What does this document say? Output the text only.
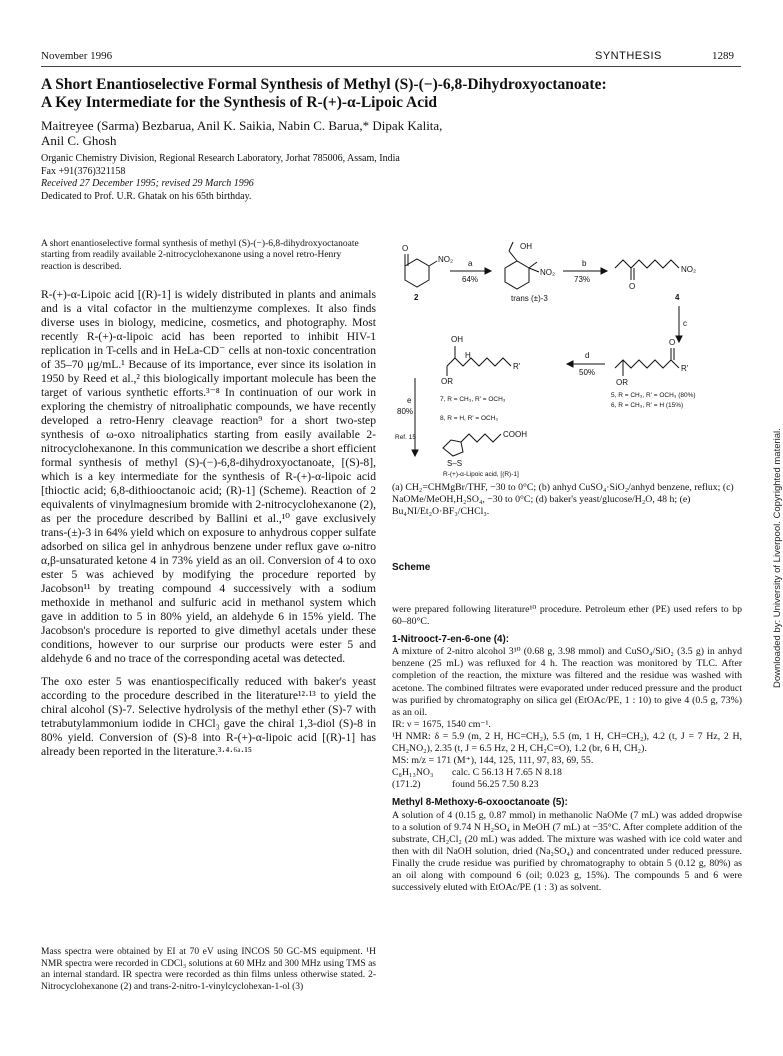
November 1996	SYNTHESIS	1289
A Short Enantioselective Formal Synthesis of Methyl (S)-(−)-6,8-Dihydroxyoctanoate:
A Key Intermediate for the Synthesis of R-(+)-α-Lipoic Acid
Maitreyee (Sarma) Bezbarua, Anil K. Saikia, Nabin C. Barua,* Dipak Kalita,
Anil C. Ghosh
Organic Chemistry Division, Regional Research Laboratory, Jorhat 785006, Assam, India
Fax +91(376)321158
Received 27 December 1995; revised 29 March 1996
Dedicated to Prof. U.R. Ghatak on his 65th birthday.
A short enantioselective formal synthesis of methyl (S)-(−)-6,8-dihydroxyoctanoate starting from readily available 2-nitrocyclohexanone using a novel retro-Henry reaction is described.

R-(+)-α-Lipoic acid [(R)-1] is widely distributed in plants and animals and is a vital cofactor in the multienzyme complexes. It also finds diverse uses in biology, medicine, cosmetics, and photography. Most recently R-(+)-α-lipoic acid has been reported to inhibit HIV-1 replication in T-cells and in HeLa-CD⁻ cells at non-toxic concentration of 35–70 μg/mL.¹ Because of its importance, ever since its isolation in 1950 by Reed et al.,² this biologically important molecule has been the target of various synthetic efforts.³⁻⁸ In continuation of our work in exploring the chemistry of nitroaliphatic compounds, we have recently developed a retro-Henry cleavage reaction⁹ for a short two-step synthesis of ω-oxo nitroaliphatics starting from easily available 2-nitrocyclohexanone. In this communication we describe a short efficient formal synthesis of methyl (S)-(−)-6,8-dihydroxyoctanoate, [(S)-8], which is a key intermediate for the synthesis of R-(+)-α-lipoic acid [thioctic acid; 6,8-dithiooctanoic acid; (R)-1] (Scheme). Reaction of 2 equivalents of vinylmagnesium bromide with 2-nitrocyclohexanone (2), as per the procedure described by Ballini et al.,¹⁰ gave exclusively trans-(±)-3 in 64% yield which on exposure to anhydrous copper sulfate adsorbed on silica gel in anhydrous benzene under reflux gave ω-nitro α,β-unsaturated ketone 4 in 73% yield as an oil. Conversion of 4 to oxo ester 5 was achieved by modifying the procedure reported by Jacobson¹¹ by treating compound 4 successively with a sodium methoxide in methanol and sulfuric acid in methanol system which gave in addition to 5 in 80% yield, an aldehyde 6 in 15% yield. The Jacobson's procedure is reported to give dimethyl acetals under these conditions, however to our surprise our products were ester 5 and aldehyde 6 and no trace of the corresponding acetal was detected.

The oxo ester 5 was enantiospecifically reduced with baker's yeast according to the procedure described in the literature¹²·¹³ to yield the chiral alcohol (S)-7. Selective hydrolysis of the methyl ether (S)-7 with tetrabutylammonium iodide in CHCl₃ gave the chiral 1,3-diol (S)-8 in 80% yield. Conversion of (S)-8 into R-(+)-α-lipoic acid [(R)-1] has already been reported in the literature.³·⁴·⁶ᵃ·¹⁵

Mass spectra were obtained by EI at 70 eV using INCOS 50 GC-MS equipment. ¹H NMR spectra were recorded in CDCl₃ solutions at 60 MHz and 300 MHz using TMS as an internal standard. IR spectra were recorded as thin films unless otherwise stated. 2-Nitrocyclohexanone (2) and trans-2-nitro-1-vinylcyclohexan-1-ol (3)

O
NO₂
2
a
64%
OH
NO₂
trans (±)-3
b
73%
NO₂
O
4
c
O
R'
OR
5, R = CH₃, R' = OCH₃ (80%)
6, R = CH₃, R' = H (15%)
d
50%
OH
H
OR
R'
7, R = CH₃, R' = OCH₃
8, R = H, R' = OCH₃
e
80%
Ref. 15	COOH
S–S
R-(+)-α-Lipoic acid, [(R)-1]
(a) CH₂=CHMgBr/THF, −30 to 0°C; (b) anhyd CuSO₄·SiO₂/anhyd benzene, reflux; (c) NaOMe/MeOH,H₂SO₄, −30 to 0°C; (d) baker's yeast/glucose/H₂O, 48 h; (e) Bu₄NI/Et₂O·BF₃/CHCl₃.
Scheme

were prepared following literature¹⁰ procedure. Petroleum ether (PE) used refers to bp 60–80°C.

1-Nitrooct-7-en-6-one (4):

A mixture of 2-nitro alcohol 3¹⁰ (0.68 g, 3.98 mmol) and CuSO₄/SiO₂ (3.5 g) in anhyd benzene (25 mL) was refluxed for 4 h. The reaction was monitored by TLC. After completion of the reaction, the mixture was filtered and the residue was washed with acetone. The combined filtrates were evaporated under reduced pressure and the product was purified by chromatography on silica gel (EtOAc/PE, 1 : 10) to give 4 (0.5 g, 73%) as an oil.

IR: ν = 1675, 1540 cm⁻¹.

¹H NMR: δ = 5.9 (m, 2 H, HC=CH₂), 5.5 (m, 1 H, CH=CH₂), 4.2 (t, J = 7 Hz, 2 H, CH₂NO₂), 2.35 (t, J = 6.5 Hz, 2 H, CH₂C=O), 1.2 (br, 6 H, CH₂).

MS: m/z = 171 (M⁺), 144, 125, 111, 97, 83, 69, 55.

C₈H₁₃NO₃	calc. C 56.13 H 7.65 N 8.18
(171.2)	found 56.25 7.50 8.23

Methyl 8-Methoxy-6-oxooctanoate (5):

A solution of 4 (0.15 g, 0.87 mmol) in methanolic NaOMe (7 mL) was added dropwise to a solution of 9.74 N H₂SO₄ in MeOH (7 mL) at −35°C. After complete addition of the substrate, CH₂Cl₂ (20 mL) was added. The mixture was washed with ice cold water and then with dil NaOH solution, dried (Na₂SO₄) and concentrated under reduced pressure. Finally the crude residue was purified by chromatography to obtain 5 (0.12 g, 80%) as an oil along with compound 6 (oil; 0.023 g, 15%). The compounds 5 and 6 were successively eluted with EtOAc/PE (1 : 3) as solvent.

Downloaded by: University of Liverpool. Copyrighted material.
